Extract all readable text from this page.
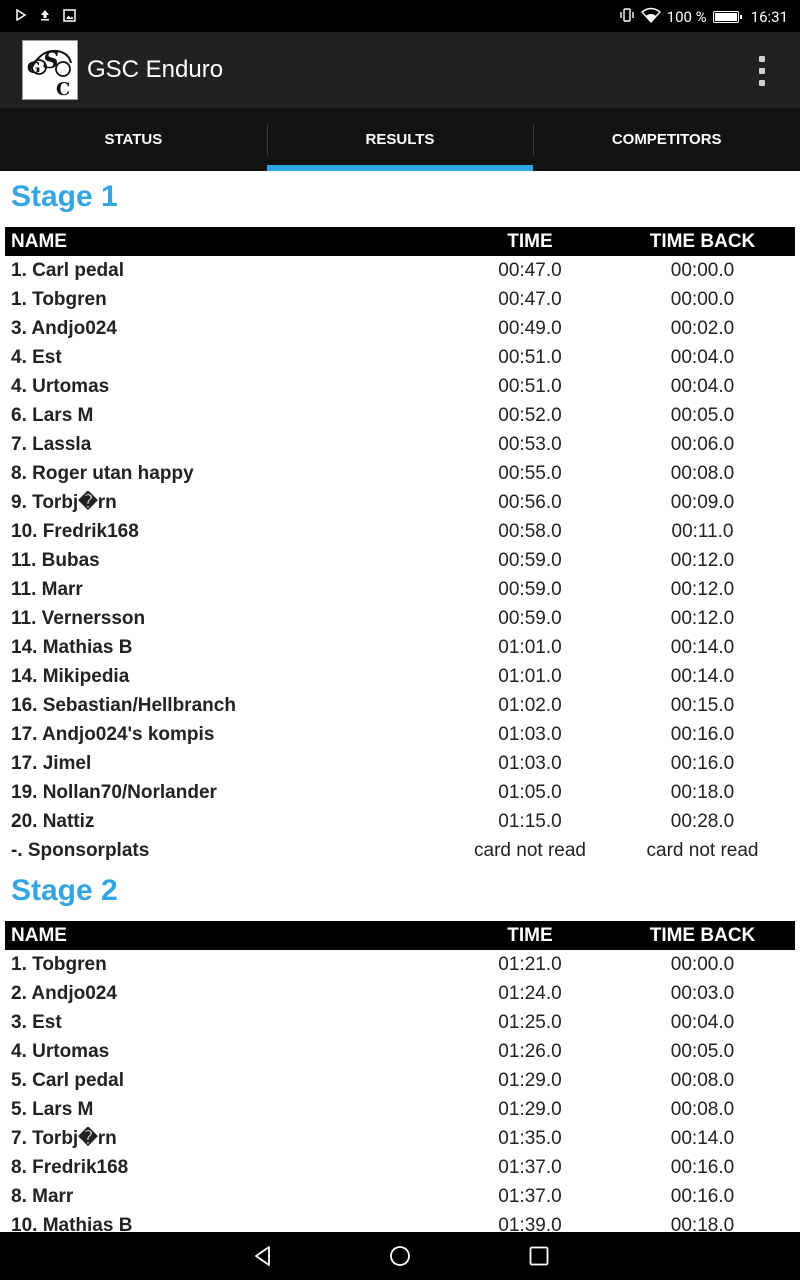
100 %	16:31
G S
C
GSC Enduro
STATUS	RESULTS	COMPETITORS
Stage 1
NAME	TIME	TIME BACK
1. Carl pedal	00:47.0	00:00.0
1. Tobgren	00:47.0	00:00.0
3. Andjo024	00:49.0	00:02.0
4. Est	00:51.0	00:04.0
4. Urtomas	00:51.0	00:04.0
6. Lars M	00:52.0	00:05.0
7. Lassla	00:53.0	00:06.0
8. Roger utan happy	00:55.0	00:08.0
9. Torbj�rn	00:56.0	00:09.0
10. Fredrik168	00:58.0	00:11.0
11. Bubas	00:59.0	00:12.0
11. Marr	00:59.0	00:12.0
11. Vernersson	00:59.0	00:12.0
14. Mathias B	01:01.0	00:14.0
14. Mikipedia	01:01.0	00:14.0
16. Sebastian/Hellbranch	01:02.0	00:15.0
17. Andjo024's kompis	01:03.0	00:16.0
17. Jimel	01:03.0	00:16.0
19. Nollan70/Norlander	01:05.0	00:18.0
20. Nattiz	01:15.0	00:28.0
-. Sponsorplats	card not read	card not read
Stage 2
NAME	TIME	TIME BACK
1. Tobgren	01:21.0	00:00.0
2. Andjo024	01:24.0	00:03.0
3. Est	01:25.0	00:04.0
4. Urtomas	01:26.0	00:05.0
5. Carl pedal	01:29.0	00:08.0
5. Lars M	01:29.0	00:08.0
7. Torbj�rn	01:35.0	00:14.0
8. Fredrik168	01:37.0	00:16.0
8. Marr	01:37.0	00:16.0
10. Mathias B	01:39.0	00:18.0
